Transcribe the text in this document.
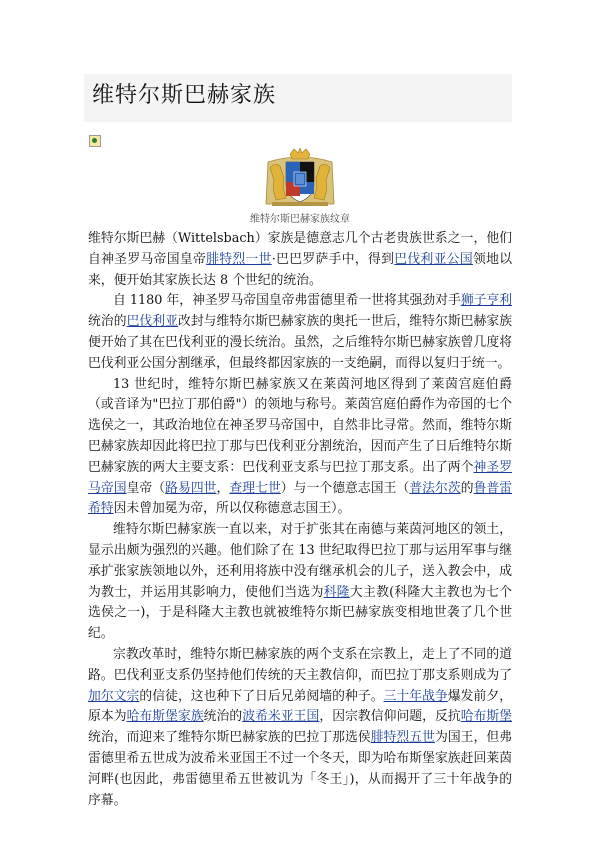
维特尔斯巴赫家族
维特尔斯巴赫家族纹章

维特尔斯巴赫（Wittelsbach）家族是德意志几个古老贵族世系之一，他们自神圣罗马帝国皇帝腓特烈一世·巴巴罗萨手中，得到巴伐利亚公国领地以来，便开始其家族长达 8 个世纪的统治。

自 1180 年，神圣罗马帝国皇帝弗雷德里希一世将其强劲对手狮子亨利统治的巴伐利亚改封与维特尔斯巴赫家族的奥托一世后，维特尔斯巴赫家族便开始了其在巴伐利亚的漫长统治。虽然，之后维特尔斯巴赫家族曾几度将巴伐利亚公国分割继承，但最终都因家族的一支绝嗣，而得以复归于统一。

13 世纪时，维特尔斯巴赫家族又在莱茵河地区得到了莱茵宫庭伯爵（或音译为"巴拉丁那伯爵"）的领地与称号。莱茵宫庭伯爵作为帝国的七个选侯之一，其政治地位在神圣罗马帝国中，自然非比寻常。然而，维特尔斯巴赫家族却因此将巴拉丁那与巴伐利亚分割统治，因而产生了日后维特尔斯巴赫家族的两大主要支系：巴伐利亚支系与巴拉丁那支系。出了两个神圣罗马帝国皇帝（路易四世，查理七世）与一个德意志国王（普法尔茨的鲁普雷希特因未曾加冕为帝，所以仅称德意志国王）。

维特尔斯巴赫家族一直以来，对于扩张其在南德与莱茵河地区的领土，显示出颇为强烈的兴趣。他们除了在 13 世纪取得巴拉丁那与运用军事与继承扩张家族领地以外，还利用将族中没有继承机会的儿子，送入教会中，成为教士，并运用其影响力，使他们当选为科隆大主教(科隆大主教也为七个选侯之一)，于是科隆大主教也就被维特尔斯巴赫家族变相地世袭了几个世纪。

宗教改革时，维特尔斯巴赫家族的两个支系在宗教上，走上了不同的道路。巴伐利亚支系仍坚持他们传统的天主教信仰，而巴拉丁那支系则成为了加尔文宗的信徒，这也种下了日后兄弟阋墙的种子。三十年战争爆发前夕，原本为哈布斯堡家族统治的波希米亚王国，因宗教信仰问题，反抗哈布斯堡统治，而迎来了维特尔斯巴赫家族的巴拉丁那选侯腓特烈五世为国王，但弗雷德里希五世成为波希米亚国王不过一个冬天，即为哈布斯堡家族赶回莱茵河畔(也因此，弗雷德里希五世被讥为「冬王」)，从而揭开了三十年战争的序幕。
